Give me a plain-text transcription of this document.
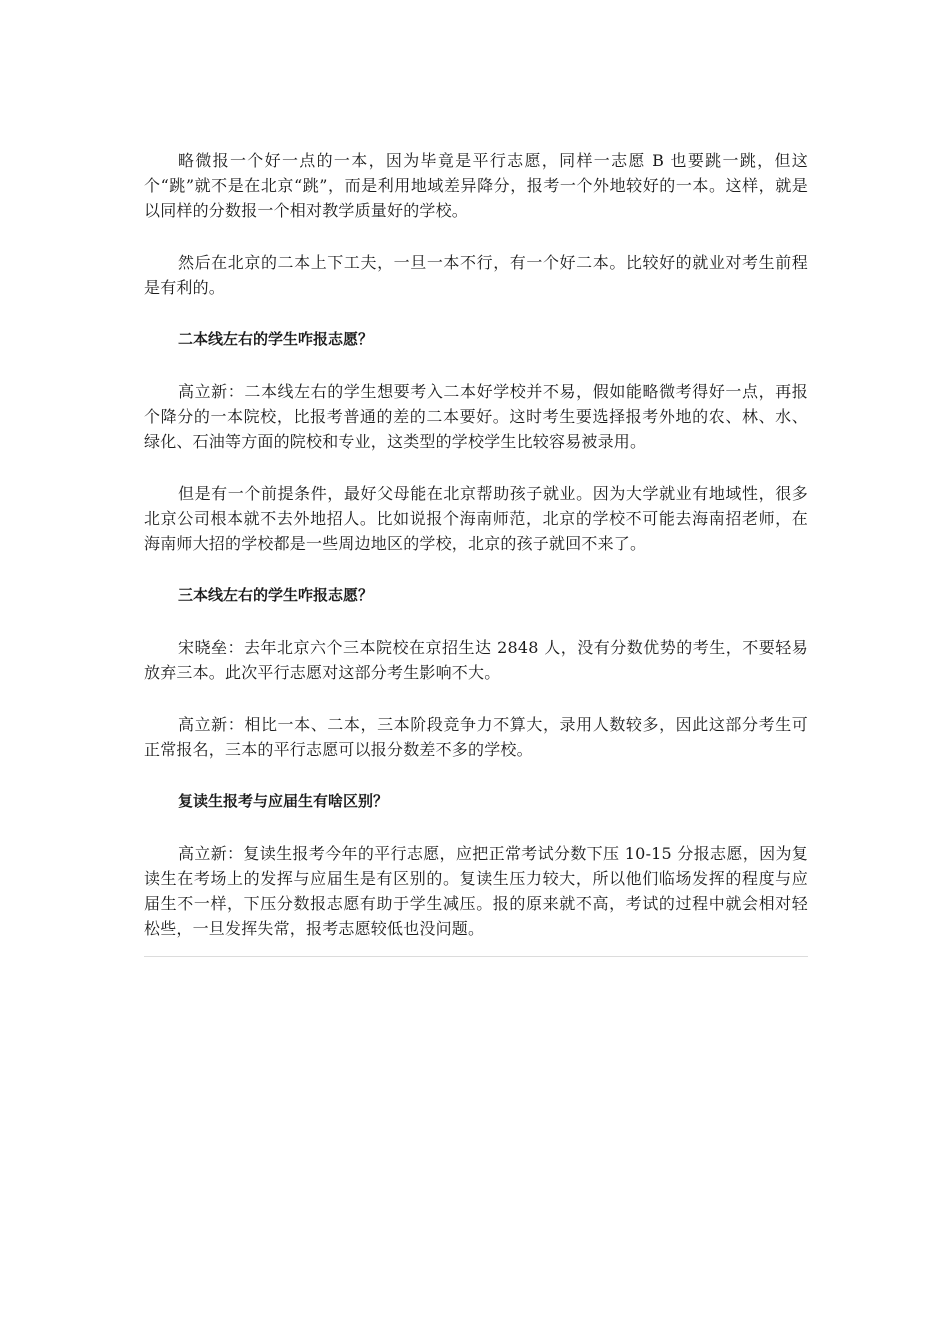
略微报一个好一点的一本，因为毕竟是平行志愿，同样一志愿 B 也要跳一跳，但这个“跳”就不是在北京“跳”，而是利用地域差异降分，报考一个外地较好的一本。这样，就是以同样的分数报一个相对教学质量好的学校。

然后在北京的二本上下工夫，一旦一本不行，有一个好二本。比较好的就业对考生前程是有利的。

二本线左右的学生咋报志愿？

高立新：二本线左右的学生想要考入二本好学校并不易，假如能略微考得好一点，再报个降分的一本院校，比报考普通的差的二本要好。这时考生要选择报考外地的农、林、水、绿化、石油等方面的院校和专业，这类型的学校学生比较容易被录用。

但是有一个前提条件，最好父母能在北京帮助孩子就业。因为大学就业有地域性，很多北京公司根本就不去外地招人。比如说报个海南师范，北京的学校不可能去海南招老师，在海南师大招的学校都是一些周边地区的学校，北京的孩子就回不来了。

三本线左右的学生咋报志愿？

宋晓垒：去年北京六个三本院校在京招生达 2848 人，没有分数优势的考生，不要轻易放弃三本。此次平行志愿对这部分考生影响不大。

高立新：相比一本、二本，三本阶段竞争力不算大，录用人数较多，因此这部分考生可正常报名，三本的平行志愿可以报分数差不多的学校。

复读生报考与应届生有啥区别？

高立新：复读生报考今年的平行志愿，应把正常考试分数下压 10-15 分报志愿，因为复读生在考场上的发挥与应届生是有区别的。复读生压力较大，所以他们临场发挥的程度与应届生不一样，下压分数报志愿有助于学生减压。报的原来就不高，考试的过程中就会相对轻松些，一旦发挥失常，报考志愿较低也没问题。
